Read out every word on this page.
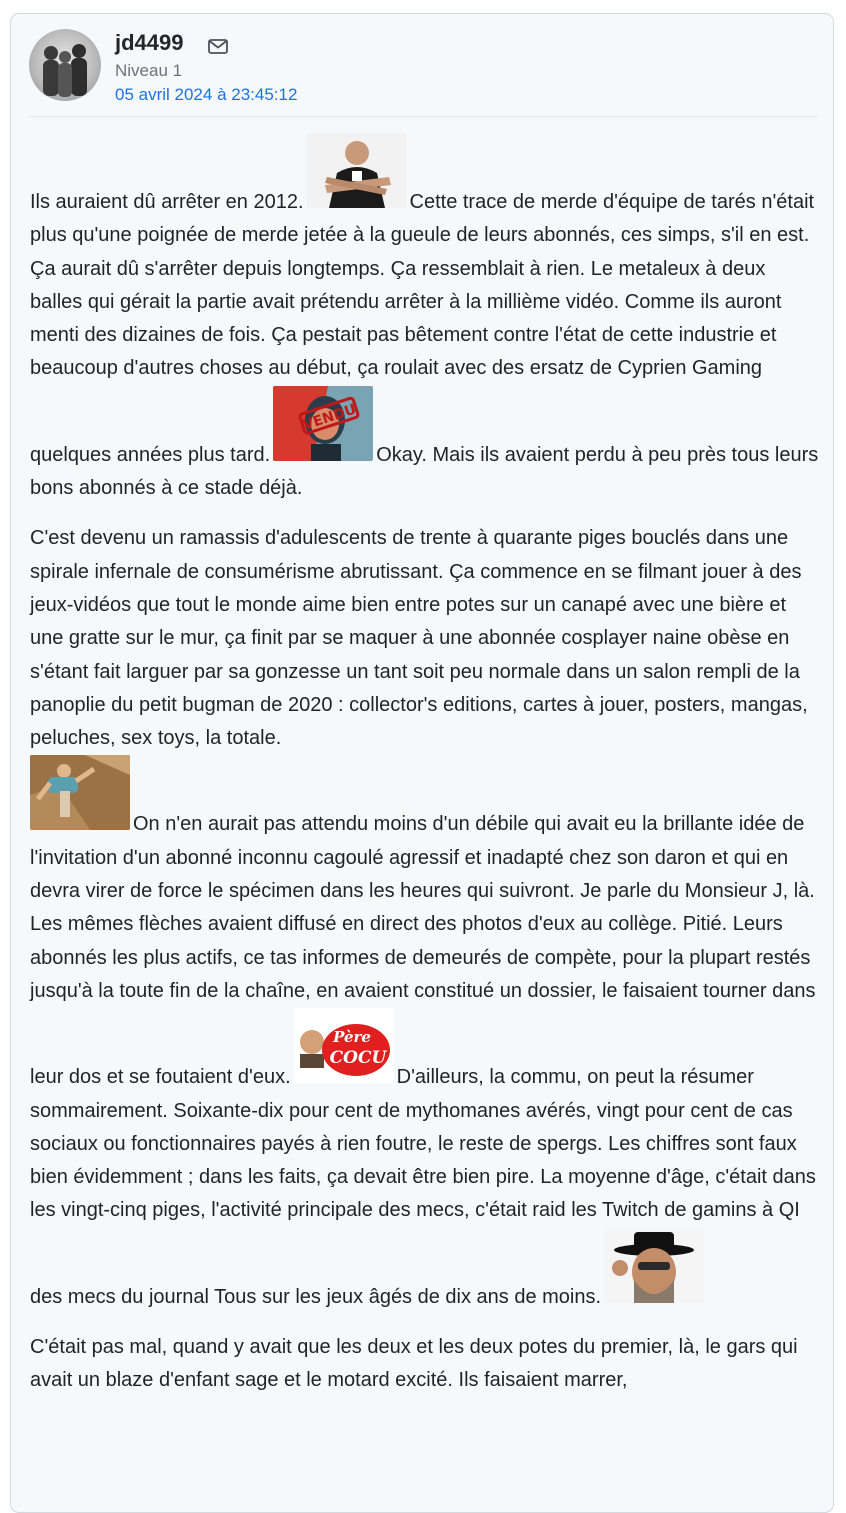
jd4499
Niveau 1
05 avril 2024 à 23:45:12

Ils auraient dû arrêter en 2012.	Cette trace de merde d'équipe de tarés n'était plus qu'une poignée de merde jetée à la gueule de leurs abonnés, ces simps, s'il en est. Ça aurait dû s'arrêter depuis longtemps. Ça ressemblait à rien. Le metaleux à deux balles qui gérait la partie avait prétendu arrêter à la millième vidéo. Comme ils auront menti des dizaines de fois. Ça pestait pas bêtement contre l'état de cette industrie et beaucoup d'autres choses au début, ça roulait avec des ersatz de Cyprien Gaming quelques années plus tard.
VENDU
Okay. Mais ils avaient perdu à peu près tous leurs bons abonnés à ce stade déjà.

C'est devenu un ramassis d'adulescents de trente à quarante piges bouclés dans une spirale infernale de consumérisme abrutissant. Ça commence en se filmant jouer à des jeux-vidéos que tout le monde aime bien entre potes sur un canapé avec une bière et une gratte sur le mur, ça finit par se maquer à une abonnée cosplayer naine obèse en s'étant fait larguer par sa gonzesse un tant soit peu normale dans un salon rempli de la panoplie du petit bugman de 2020 : collector's editions, cartes à jouer, posters, mangas, peluches, sex toys, la totale.

On n'en aurait pas attendu moins d'un débile qui avait eu la brillante idée de l'invitation d'un abonné inconnu cagoulé agressif et inadapté chez son daron et qui en devra virer de force le spécimen dans les heures qui suivront. Je parle du Monsieur J, là. Les mêmes flèches avaient diffusé en direct des photos d'eux au collège. Pitié. Leurs abonnés les plus actifs, ce tas informes de demeurés de compète, pour la plupart restés jusqu'à la toute fin de la chaîne, en avaient constitué un dossier, le faisaient tourner dans leur dos et se foutaient d'eux.
Père
COCU
D'ailleurs, la commu, on peut la résumer sommairement. Soixante-dix pour cent de mythomanes avérés, vingt pour cent de cas sociaux ou fonctionnaires payés à rien foutre, le reste de spergs. Les chiffres sont faux bien évidemment ; dans les faits, ça devait être bien pire. La moyenne d'âge, c'était dans les vingt-cinq piges, l'activité principale des mecs, c'était raid les Twitch de gamins à QI des mecs du journal Tous sur les jeux âgés de dix ans de moins.

C'était pas mal, quand y avait que les deux et les deux potes du premier, là, le gars qui avait un blaze d'enfant sage et le motard excité. Ils faisaient marrer,
